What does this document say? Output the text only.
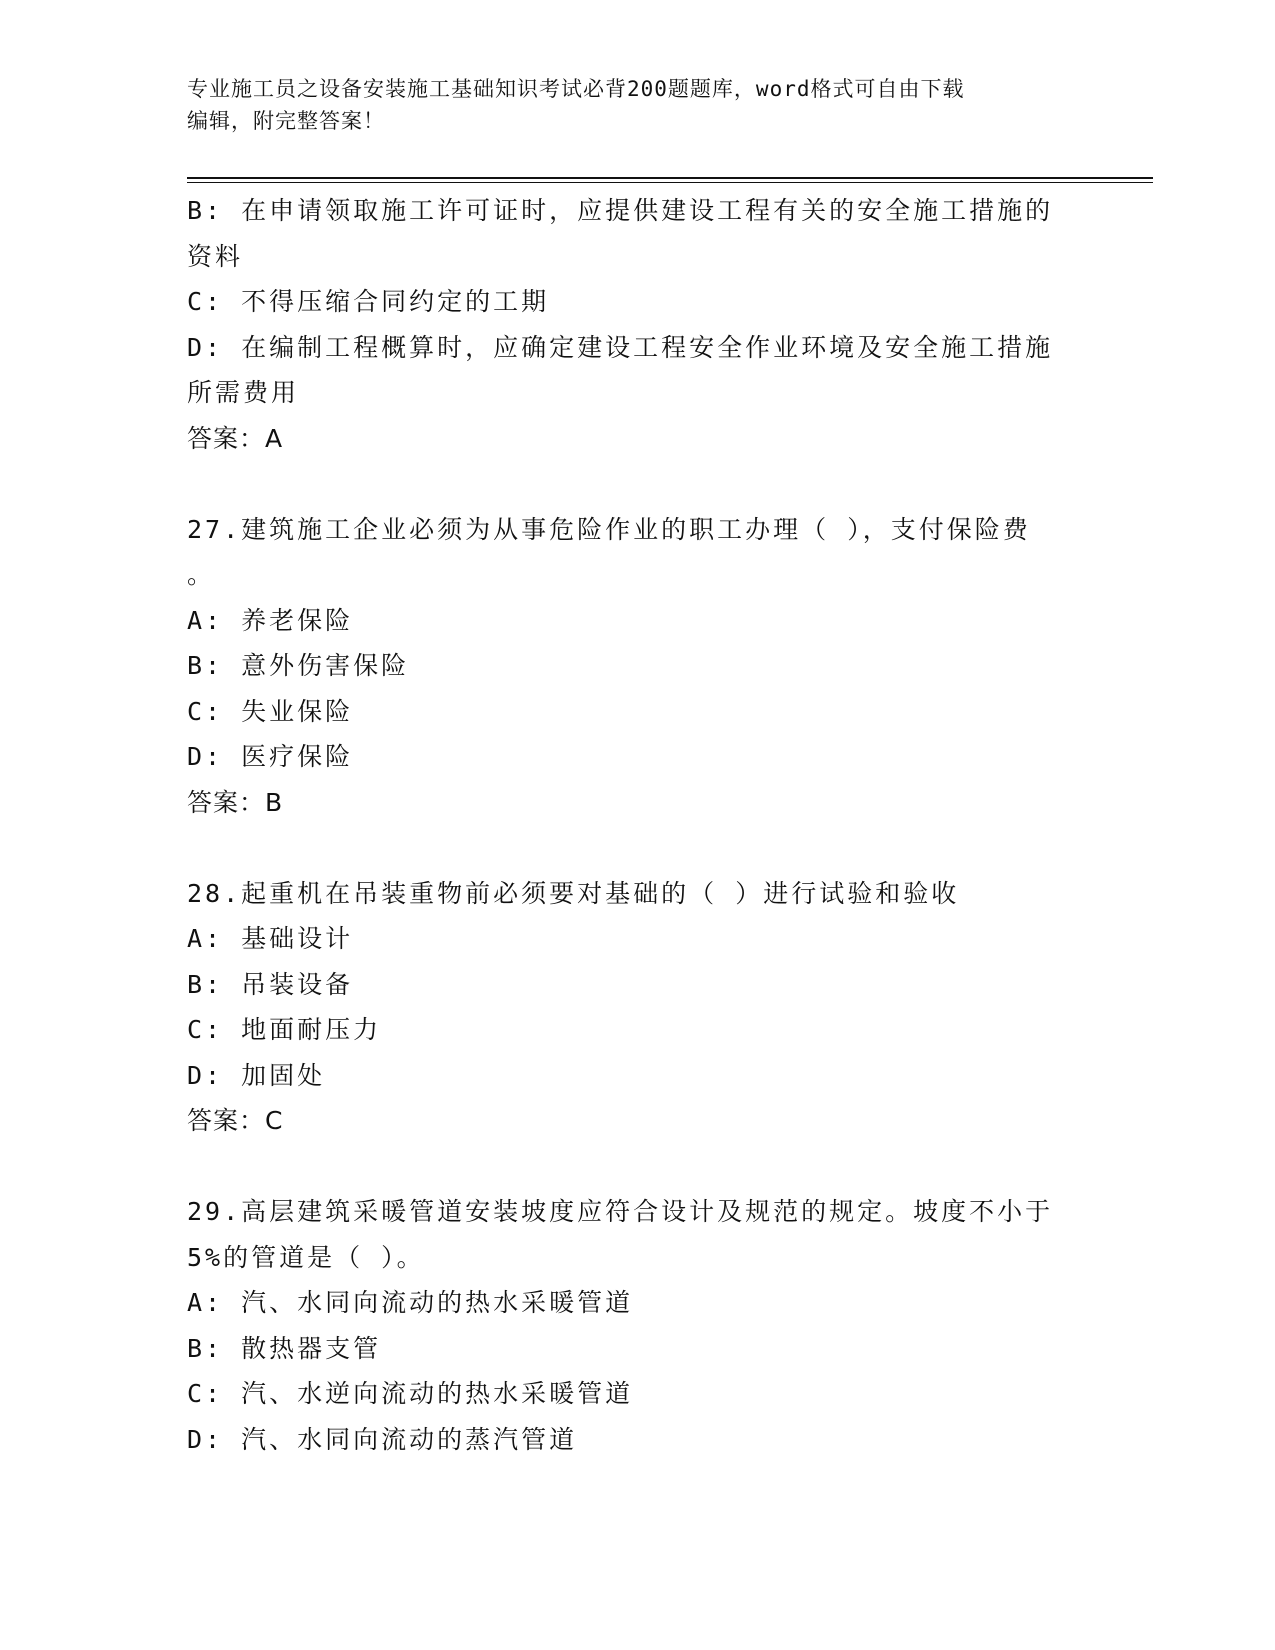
专业施工员之设备安装施工基础知识考试必背200题题库，word格式可自由下载
编辑，附完整答案！
B: 在申请领取施工许可证时，应提供建设工程有关的安全施工措施的
资料
C: 不得压缩合同约定的工期
D: 在编制工程概算时，应确定建设工程安全作业环境及安全施工措施
所需费用
答案：A
27.建筑施工企业必须为从事危险作业的职工办理（ ），支付保险费
。
A: 养老保险
B: 意外伤害保险
C: 失业保险
D: 医疗保险
答案：B
28.起重机在吊装重物前必须要对基础的（ ）进行试验和验收
A: 基础设计
B: 吊装设备
C: 地面耐压力
D: 加固处
答案：C
29.高层建筑采暖管道安装坡度应符合设计及规范的规定。坡度不小于
5%的管道是（ ）。
A: 汽、水同向流动的热水采暖管道
B: 散热器支管
C: 汽、水逆向流动的热水采暖管道
D: 汽、水同向流动的蒸汽管道
